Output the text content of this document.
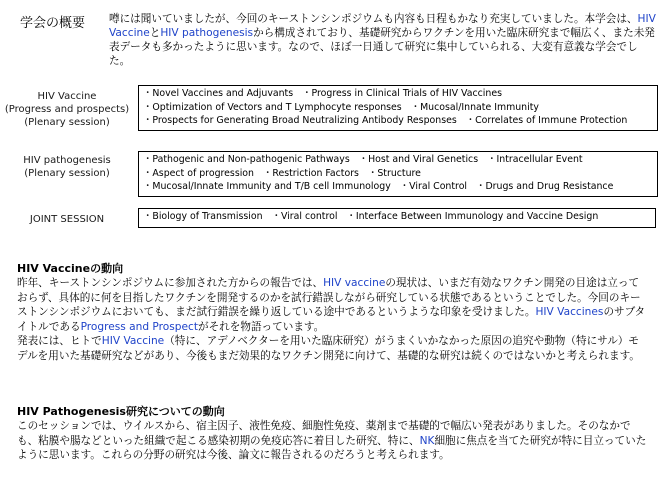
学会の概要 噂には聞いていましたが、今回のキーストンシンポジウムも内容も日程もかなり充実していました。本学会は、HIV VaccineとHIV pathogenesisから構成されており、基礎研究からワクチンを用いた臨床研究まで幅広く、また未発表データも多かったように思います。なので、ほぼ一日通して研究に集中していられる、大変有意義な学会でした。
HIV Vaccine
(Progress and prospects)
(Plenary session)
・ Novel Vaccines and Adjuvants ・ Progress in Clinical Trials of HIV Vaccines
・ Optimization of Vectors and T Lymphocyte responses ・ Mucosal/Innate Immunity
・ Prospects for Generating Broad Neutralizing Antibody Responses ・ Correlates of Immune Protection
HIV pathogenesis
(Plenary session)
・ Pathogenic and Non-pathogenic Pathways ・ Host and Viral Genetics ・ Intracellular Event
・ Aspect of progression ・ Restriction Factors ・ Structure
・ Mucosal/Innate Immunity and T/B cell Immunology ・ Viral Control ・ Drugs and Drug Resistance
JOINT SESSION	・ Biology of Transmission ・ Viral control ・ Interface Between Immunology and Vaccine Design
HIV Vaccineの動向
昨年、キーストンシンポジウムに参加された方からの報告では、HIV vaccineの現状は、いまだ有効なワクチン開発の目途は立っておらず、具体的に何を目指したワクチンを開発するのかを試行錯誤しながら研究している状態であるということでした。今回のキーストンシンポジウムにおいても、まだ試行錯誤を繰り返している途中であるというような印象を受けました。HIV VaccinesのサブタイトルであるProgress and Prospectがそれを物語っています。
発表には、ヒトでHIV Vaccine（特に、アデノベクターを用いた臨床研究）がうまくいかなかった原因の追究や動物（特にサル）モデルを用いた基礎研究などがあり、今後もまだ効果的なワクチン開発に向けて、基礎的な研究は続くのではないかと考えられます。
HIV Pathogenesis研究についての動向
このセッションでは、ウイルスから、宿主因子、液性免疫、細胞性免疫、薬剤まで基礎的で幅広い発表がありました。そのなかでも、粘膜や腸などといった組織で起こる感染初期の免疫応答に着目した研究、特に、NK細胞に焦点を当てた研究が特に目立っていたように思います。これらの分野の研究は今後、論文に報告されるのだろうと考えられます。
